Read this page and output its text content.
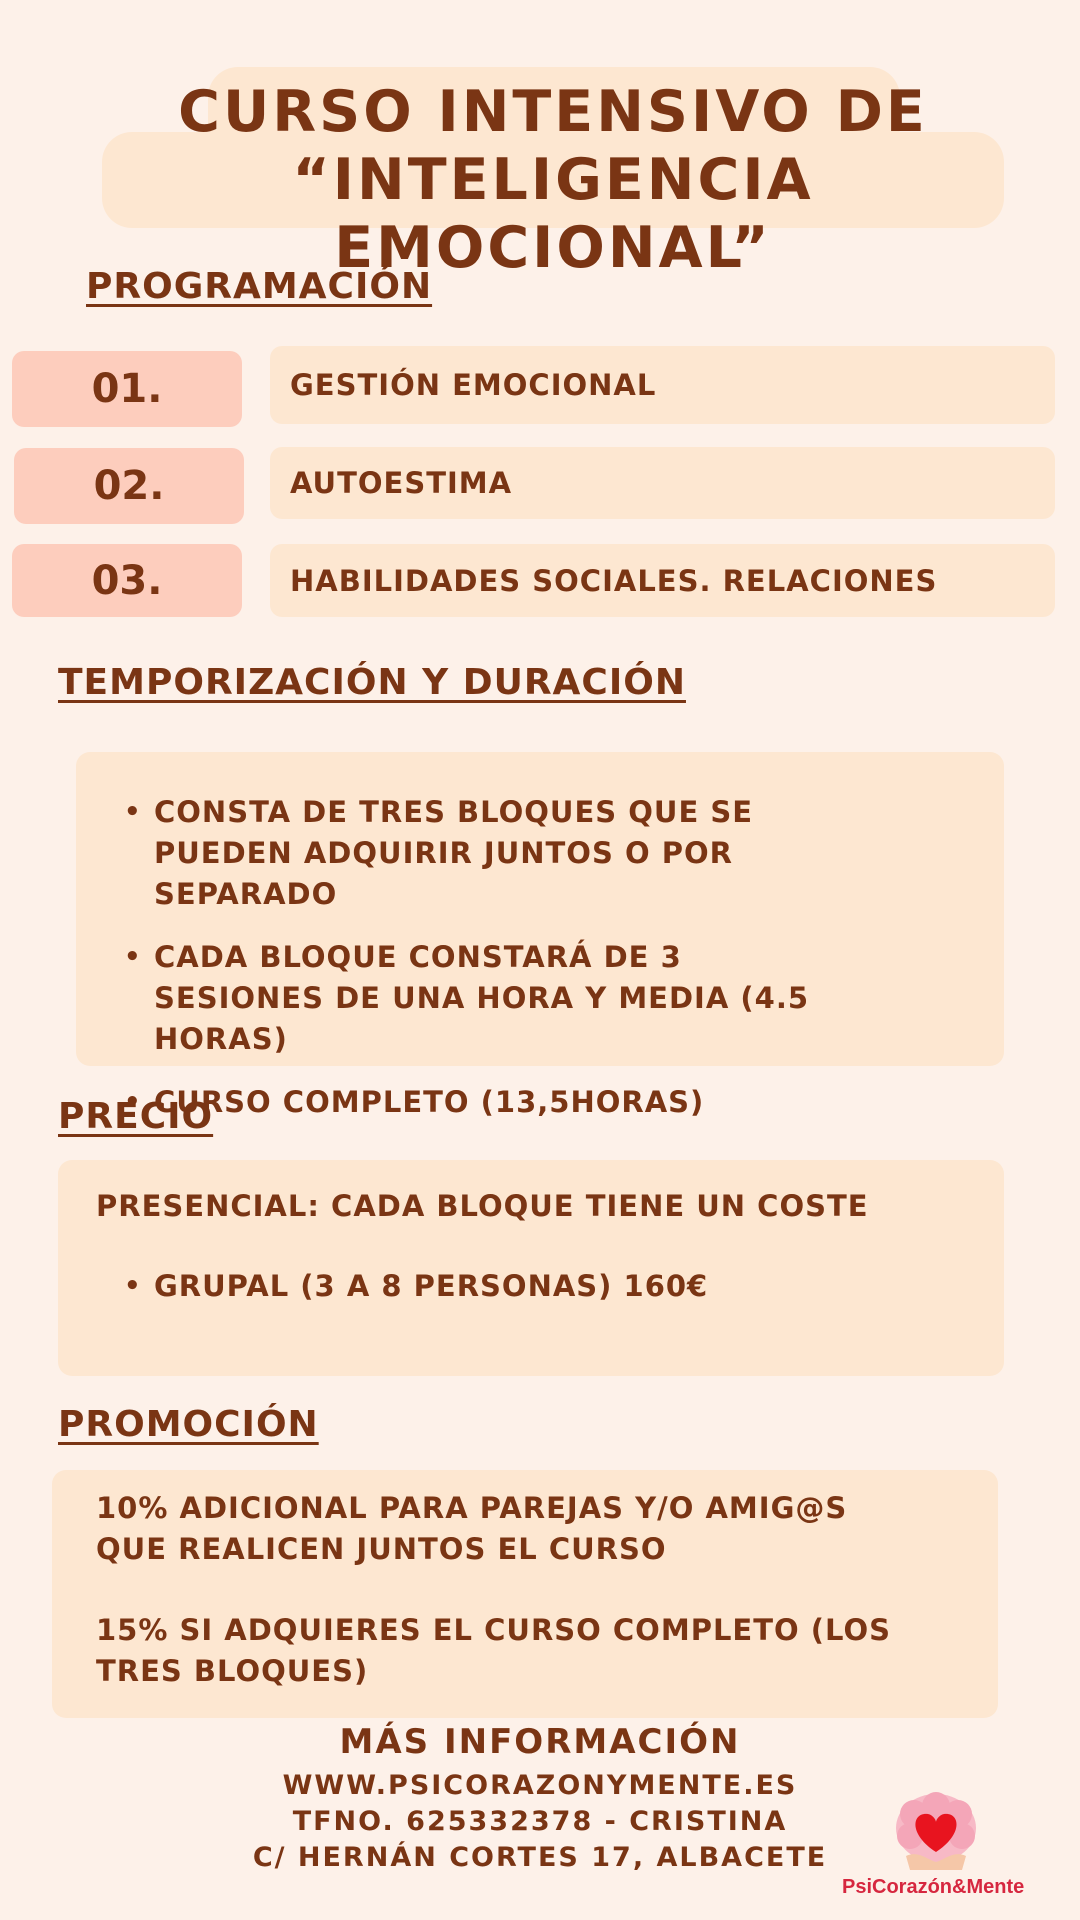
CURSO INTENSIVO DE
“INTELIGENCIA EMOCIONAL”
PROGRAMACIÓN
01.	GESTIÓN EMOCIONAL
02.	AUTOESTIMA
03.	HABILIDADES SOCIALES. RELACIONES
TEMPORIZACIÓN Y DURACIÓN
• CONSTA DE TRES BLOQUES QUE SE PUEDEN ADQUIRIR JUNTOS O POR SEPARADO
• CADA BLOQUE CONSTARÁ DE 3 SESIONES DE UNA HORA Y MEDIA (4.5 HORAS)
• CURSO COMPLETO (13,5HORAS)
PRECIO
PRESENCIAL: CADA BLOQUE TIENE UN COSTE
• GRUPAL (3 A 8 PERSONAS) 160€
PROMOCIÓN
10% ADICIONAL PARA PAREJAS Y/O AMIG@S QUE REALICEN JUNTOS EL CURSO
15% SI ADQUIERES EL CURSO COMPLETO (LOS TRES BLOQUES)
MÁS INFORMACIÓN
WWW.PSICORAZONYMENTE.ES
TFNO. 625332378 - CRISTINA
C/ HERNÁN CORTES 17, ALBACETE
PsiCorazón&Mente
